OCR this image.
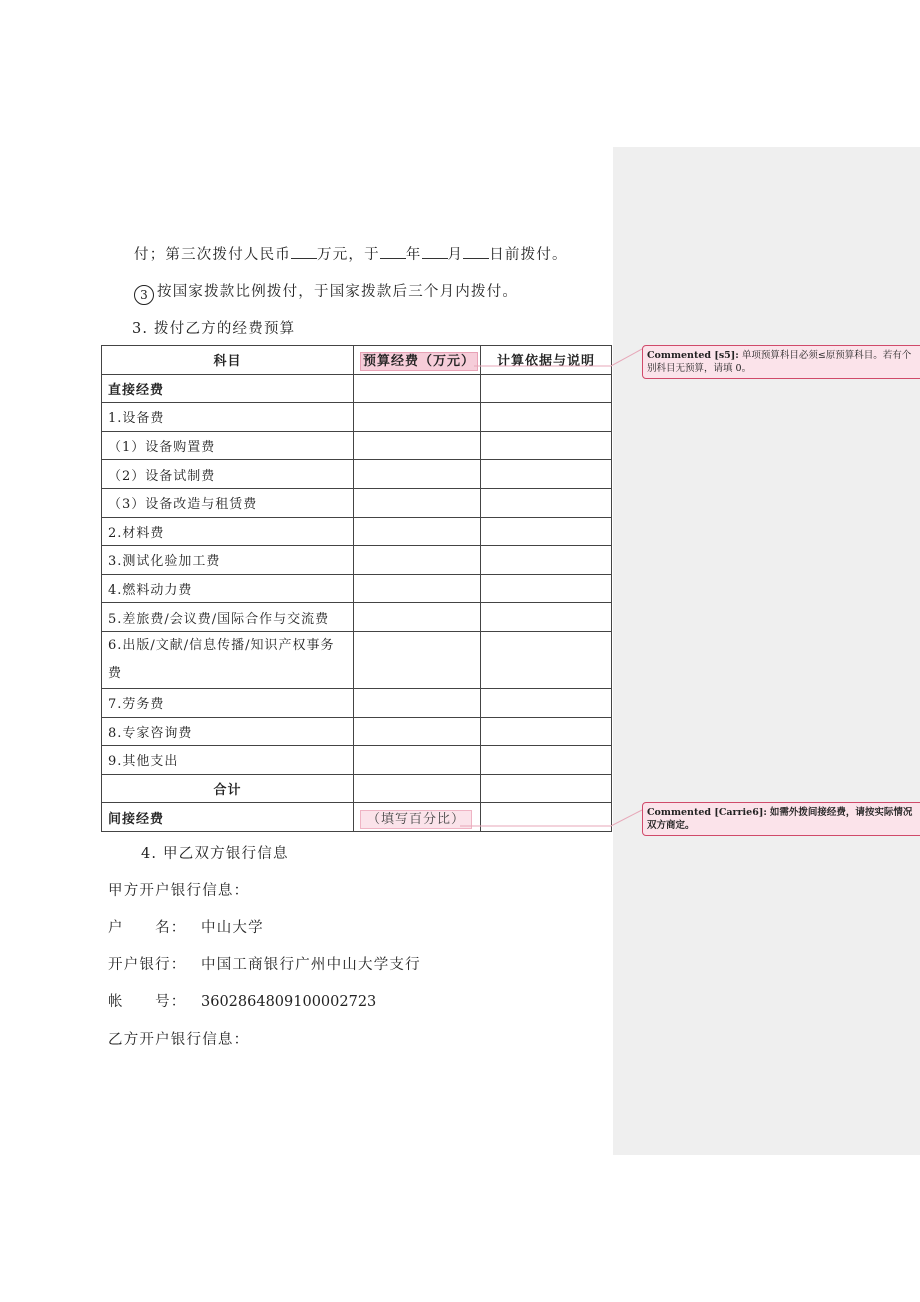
付；第三次拨付人民币 万元，于 年 月 日前拨付。
3 按国家拨款比例拨付，于国家拨款后三个月内拨付。
3. 拨付乙方的经费预算
科目	预算经费（万元）	计算依据与说明
直接经费		
1.设备费		
（1）设备购置费		
（2）设备试制费		
（3）设备改造与租赁费		
2.材料费		
3.测试化验加工费		
4.燃料动力费		
5.差旅费/会议费/国际合作与交流费		
6.出版/文献/信息传播/知识产权事务费		
7.劳务费		
8.专家咨询费		
9.其他支出		
合计		
间接经费	（填写百分比）	
4. 甲乙双方银行信息
甲方开户银行信息：
户　　名： 中山大学
开户银行： 中国工商银行广州中山大学支行
帐　　号： 3602864809100002723
乙方开户银行信息：
Commented [s5]: 单项预算科目必须≤原预算科目。若有个别科目无预算，请填 0。
Commented [Carrie6]: 如需外拨间接经费，请按实际情况双方商定。
